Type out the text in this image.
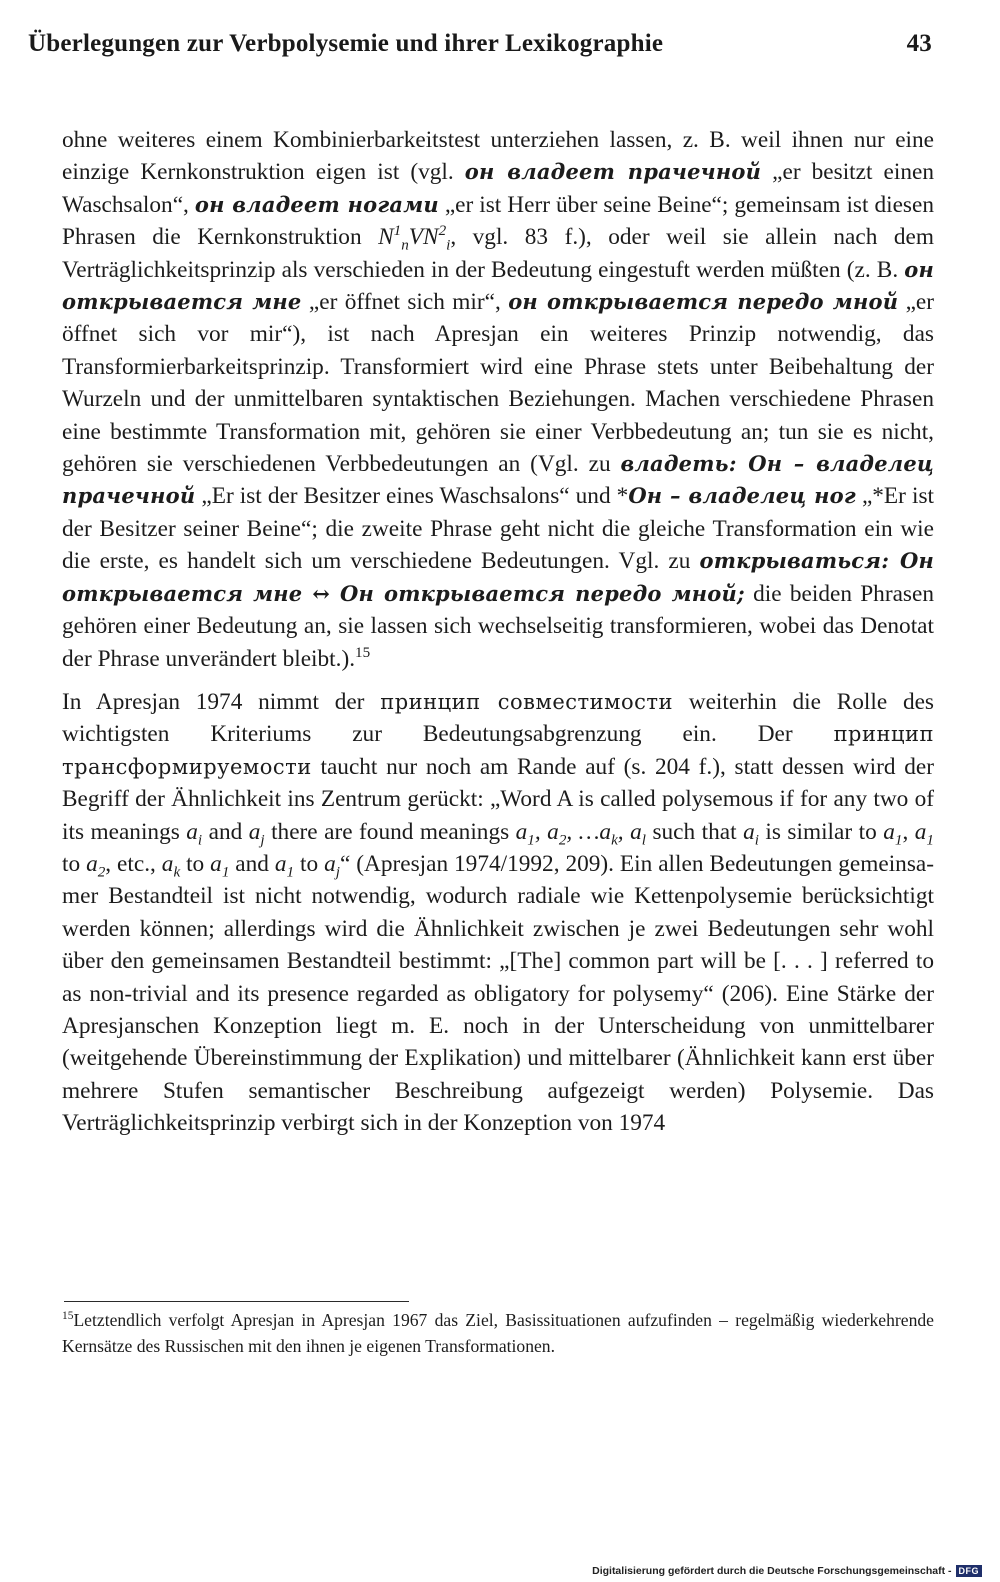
Überlegungen zur Verbpolysemie und ihrer Lexikographie	43

ohne weiteres einem Kombinierbarkeitstest unterziehen lassen, z. B. weil ihnen nur eine einzige Kernkonstruktion eigen ist (vgl. он владеет прачечной „er besitzt einen Waschsalon“, он владеет ногами „er ist Herr über seine Beine“; gemeinsam ist diesen Phrasen die Kernkonstruktion $N^1_nVN^2_i$, vgl. 83 f.), oder weil sie allein nach dem Verträglichkeitsprinzip als verschieden in der Bedeutung eingestuft werden müßten (z. B. он открывается мне „er öffnet sich mir“, он открывается передо мной „er öffnet sich vor mir“), ist nach Apresjan ein weiteres Prinzip notwendig, das Transformierbarkeitsprinzip. Transformiert wird eine Phrase stets unter Beibehaltung der Wurzeln und der unmittelbaren syntaktischen Beziehungen. Machen verschiedene Phrasen eine bestimmte Transformation mit, gehören sie einer Verbbedeutung an; tun sie es nicht, gehören sie verschiedenen Verbbedeutungen an (Vgl. zu владеть: Он – владелец прачечной „Er ist der Besitzer eines Waschsalons“ und *Он – владелец ног „*Er ist der Besitzer seiner Beine“; die zweite Phrase geht nicht die gleiche Transformation ein wie die erste, es handelt sich um verschiedene Bedeutungen. Vgl. zu открываться: Он открывается мне ↔ Он открывается передо мной; die beiden Phrasen gehören einer Bedeutung an, sie lassen sich wechselseitig transformieren, wobei das Denotat der Phrase unverändert bleibt.).$^{15}$

In Apresjan 1974 nimmt der принцип совместимости weiterhin die Rolle des wichtigsten Kriteriums zur Bedeutungsabgrenzung ein. Der принцип трансформируемости taucht nur noch am Rande auf (s. 204 f.), statt dessen wird der Begriff der Ähnlichkeit ins Zentrum gerückt: „Word A is called polysemous if for any two of its meanings $a_i$ and $a_j$ there are found meanings $a_1$, $a_2$, $\dots a_k$, $a_l$ such that $a_i$ is similar to $a_1$, $a_1$ to $a_2$, etc., $a_k$ to $a_1$ and $a_1$ to $a_j“$ (Apresjan 1974/1992, 209). Ein allen Bedeutungen gemeinsamer Bestandteil ist nicht notwendig, wodurch radiale wie Kettenpolysemie berücksichtigt werden können; allerdings wird die Ähnlichkeit zwischen je zwei Bedeutungen sehr wohl über den gemeinsamen Bestandteil bestimmt: „[The] common part will be [. . . ] referred to as non-trivial and its presence regarded as obligatory for polysemy“ (206). Eine Stärke der Apresjanschen Konzeption liegt m. E. noch in der Unterscheidung von unmittelbarer (weitgehende Übereinstimmung der Explikation) und mittelbarer (Ähnlichkeit kann erst über mehrere Stufen semantischer Beschreibung aufgezeigt werden) Polysemie. Das Verträglichkeitsprinzip verbirgt sich in der Konzeption von 1974

$^{15}$Letztendlich verfolgt Apresjan in Apresjan 1967 das Ziel, Basissituationen aufzufinden – regelmäßig wiederkehrende Kernsätze des Russischen mit den ihnen je eigenen Transformationen.

Digitalisierung gefördert durch die Deutsche Forschungsgemeinschaft - DFG
